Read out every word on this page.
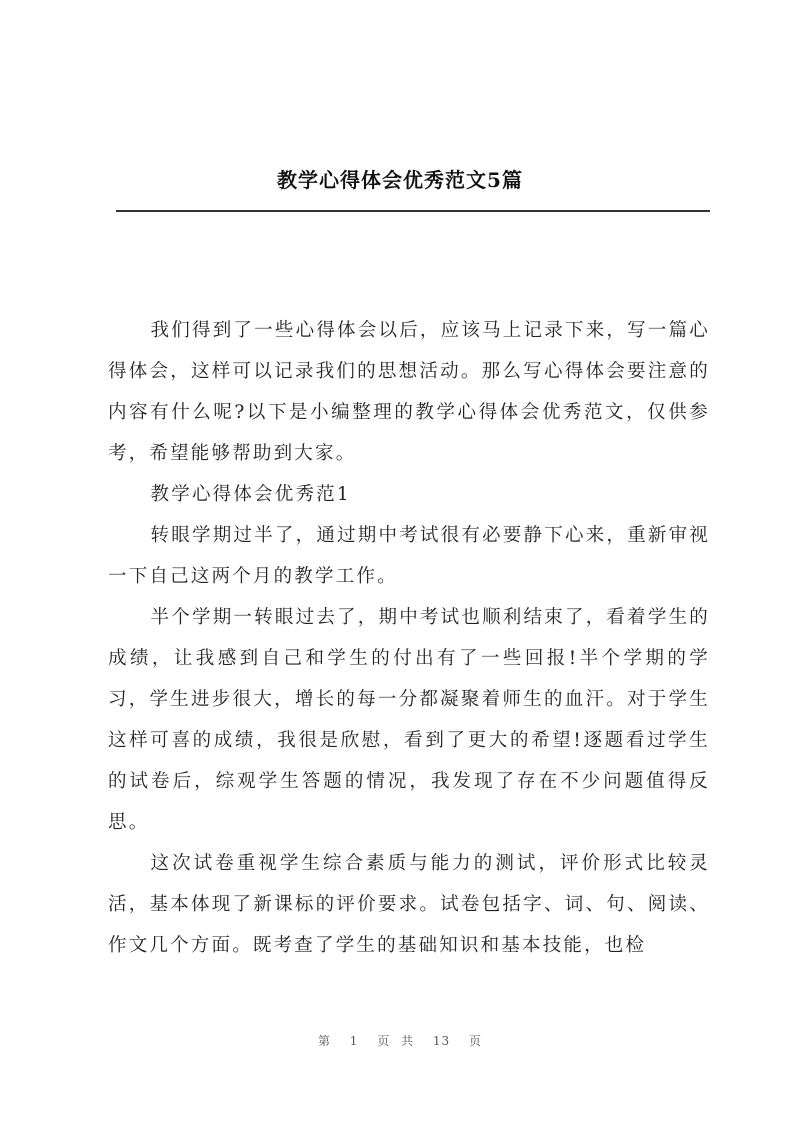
教学心得体会优秀范文5篇

我们得到了一些心得体会以后，应该马上记录下来，写一篇心得体会，这样可以记录我们的思想活动。那么写心得体会要注意的内容有什么呢?以下是小编整理的教学心得体会优秀范文，仅供参考，希望能够帮助到大家。

教学心得体会优秀范1

转眼学期过半了，通过期中考试很有必要静下心来，重新审视一下自己这两个月的教学工作。

半个学期一转眼过去了，期中考试也顺利结束了，看着学生的成绩，让我感到自己和学生的付出有了一些回报!半个学期的学习，学生进步很大，增长的每一分都凝聚着师生的血汗。对于学生这样可喜的成绩，我很是欣慰，看到了更大的希望!逐题看过学生的试卷后，综观学生答题的情况，我发现了存在不少问题值得反思。

这次试卷重视学生综合素质与能力的测试，评价形式比较灵活，基本体现了新课标的评价要求。试卷包括字、词、句、阅读、作文几个方面。既考查了学生的基础知识和基本技能，也检

第 1 页 共 13 页
